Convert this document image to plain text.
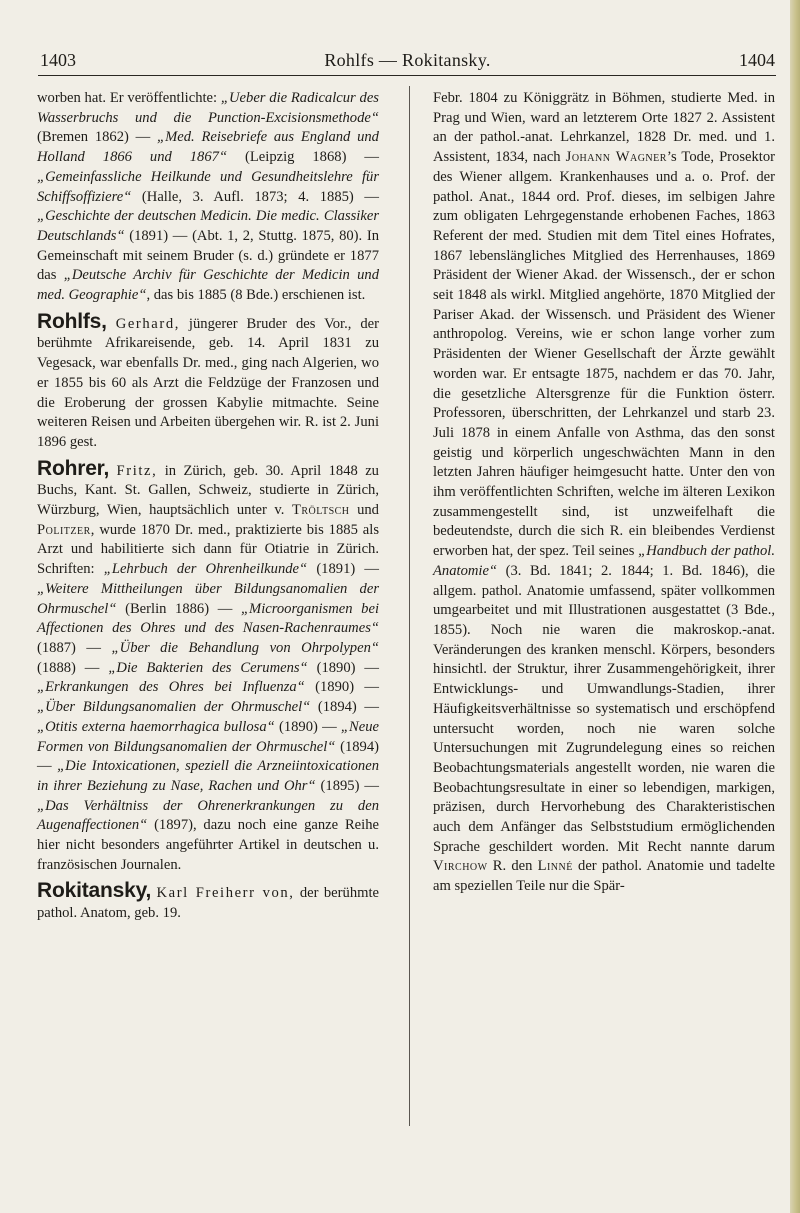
1403	Rohlfs — Rokitansky.	1404

worben hat. Er veröffentlichte: „Ueber die Radicalcur des Wasserbruchs und die Punction-Excisionsmethode“ (Bremen 1862) — „Med. Reisebriefe aus England und Holland 1866 und 1867“ (Leipzig 1868) — „Gemeinfassliche Heilkunde und Gesundheitslehre für Schiffsoffiziere“ (Halle, 3. Aufl. 1873; 4. 1885) — „Geschichte der deutschen Medicin. Die medic. Classiker Deutschlands“ (1891) — (Abt. 1, 2, Stuttg. 1875, 80). In Gemeinschaft mit seinem Bruder (s. d.) gründete er 1877 das „Deutsche Archiv für Geschichte der Medicin und med. Geographie“, das bis 1885 (8 Bde.) erschienen ist.

Rohlfs, Gerhard, jüngerer Bruder des Vor., der berühmte Afrikareisende, geb. 14. April 1831 zu Vegesack, war ebenfalls Dr. med., ging nach Algerien, wo er 1855 bis 60 als Arzt die Feldzüge der Franzosen und die Eroberung der grossen Kabylie mitmachte. Seine weiteren Reisen und Arbeiten übergehen wir. R. ist 2. Juni 1896 gest.

Rohrer, Fritz, in Zürich, geb. 30. April 1848 zu Buchs, Kant. St. Gallen, Schweiz, studierte in Zürich, Würzburg, Wien, hauptsächlich unter v. Tröltsch und Politzer, wurde 1870 Dr. med., praktizierte bis 1885 als Arzt und habilitierte sich dann für Otiatrie in Zürich. Schriften: „Lehrbuch der Ohrenheilkunde“ (1891) — „Weitere Mittheilungen über Bildungsanomalien der Ohrmuschel“ (Berlin 1886) — „Microorganismen bei Affectionen des Ohres und des Nasen-Rachenraumes“ (1887) — „Über die Behandlung von Ohrpolypen“ (1888) — „Die Bakterien des Cerumens“ (1890) — „Erkrankungen des Ohres bei Influenza“ (1890) — „Über Bildungsanomalien der Ohrmuschel“ (1894) — „Otitis externa haemorrhagica bullosa“ (1890) — „Neue Formen von Bildungsanomalien der Ohrmuschel“ (1894) — „Die Intoxicationen, speziell die Arzneiintoxicationen in ihrer Beziehung zu Nase, Rachen und Ohr“ (1895) — „Das Verhältniss der Ohrenerkrankungen zu den Augenaffectionen“ (1897), dazu noch eine ganze Reihe hier nicht besonders angeführter Artikel in deutschen u. französischen Journalen.

Rokitansky, Karl Freiherr von, der berühmte pathol. Anatom, geb. 19.

Febr. 1804 zu Königgrätz in Böhmen, studierte Med. in Prag und Wien, ward an letzterem Orte 1827 2. Assistent an der pathol.-anat. Lehrkanzel, 1828 Dr. med. und 1. Assistent, 1834, nach Johann Wagner’s Tode, Prosektor des Wiener allgem. Krankenhauses und a. o. Prof. der pathol. Anat., 1844 ord. Prof. dieses, im selbigen Jahre zum obligaten Lehrgegenstande erhobenen Faches, 1863 Referent der med. Studien mit dem Titel eines Hofrates, 1867 lebenslängliches Mitglied des Herrenhauses, 1869 Präsident der Wiener Akad. der Wissensch., der er schon seit 1848 als wirkl. Mitglied angehörte, 1870 Mitglied der Pariser Akad. der Wissensch. und Präsident des Wiener anthropolog. Vereins, wie er schon lange vorher zum Präsidenten der Wiener Gesellschaft der Ärzte gewählt worden war. Er entsagte 1875, nachdem er das 70. Jahr, die gesetzliche Altersgrenze für die Funktion österr. Professoren, überschritten, der Lehrkanzel und starb 23. Juli 1878 in einem Anfalle von Asthma, das den sonst geistig und körperlich ungeschwächten Mann in den letzten Jahren häufiger heimgesucht hatte. Unter den von ihm veröffentlichten Schriften, welche im älteren Lexikon zusammengestellt sind, ist unzweifelhaft die bedeutendste, durch die sich R. ein bleibendes Verdienst erworben hat, der spez. Teil seines „Handbuch der pathol. Anatomie“ (3. Bd. 1841; 2. 1844; 1. Bd. 1846), die allgem. pathol. Anatomie umfassend, später vollkommen umgearbeitet und mit Illustrationen ausgestattet (3 Bde., 1855). Noch nie waren die makroskop.-anat. Veränderungen des kranken menschl. Körpers, besonders hinsichtl. der Struktur, ihrer Zusammengehörigkeit, ihrer Entwicklungs- und Umwandlungs-Stadien, ihrer Häufigkeitsverhältnisse so systematisch und erschöpfend untersucht worden, noch nie waren solche Untersuchungen mit Zugrundelegung eines so reichen Beobachtungsmaterials angestellt worden, nie waren die Beobachtungsresultate in einer so lebendigen, markigen, präzisen, durch Hervorhebung des Charakteristischen auch dem Anfänger das Selbststudium ermöglichenden Sprache geschildert worden. Mit Recht nannte darum Virchow R. den Linné der pathol. Anatomie und tadelte am speziellen Teile nur die Spär-
